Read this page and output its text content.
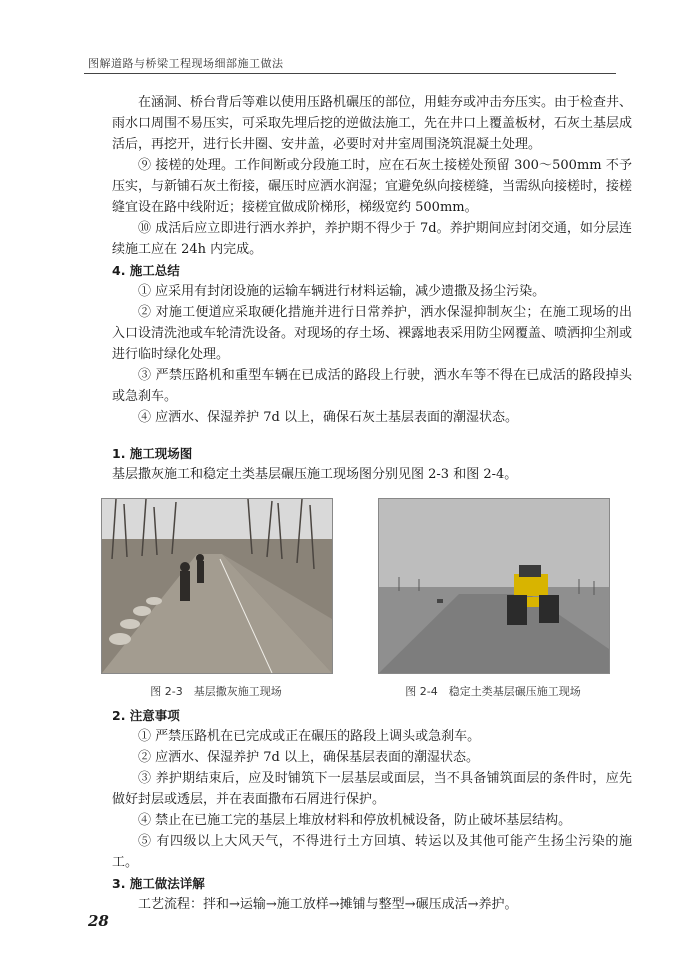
图解道路与桥梁工程现场细部施工做法

在涵洞、桥台背后等难以使用压路机碾压的部位，用蛙夯或冲击夯压实。由于检查井、雨水口周围不易压实，可采取先埋后挖的逆做法施工，先在井口上覆盖板材，石灰土基层成活后，再挖开，进行长井圈、安井盖，必要时对井室周围浇筑混凝土处理。

⑨ 接槎的处理。工作间断或分段施工时，应在石灰土接槎处预留 300～500mm 不予压实，与新铺石灰土衔接，碾压时应洒水润湿；宜避免纵向接槎缝，当需纵向接槎时，接槎缝宜设在路中线附近；接槎宜做成阶梯形，梯级宽约 500mm。

⑩ 成活后应立即进行洒水养护，养护期不得少于 7d。养护期间应封闭交通，如分层连续施工应在 24h 内完成。

4. 施工总结

① 应采用有封闭设施的运输车辆进行材料运输，减少遗撒及扬尘污染。

② 对施工便道应采取硬化措施并进行日常养护，洒水保湿抑制灰尘；在施工现场的出入口设清洗池或车轮清洗设备。对现场的存土场、裸露地表采用防尘网覆盖、喷洒抑尘剂或进行临时绿化处理。

③ 严禁压路机和重型车辆在已成活的路段上行驶，洒水车等不得在已成活的路段掉头或急刹车。

④ 应洒水、保湿养护 7d 以上，确保石灰土基层表面的潮湿状态。

1. 施工现场图

基层撒灰施工和稳定土类基层碾压施工现场图分别见图 2-3 和图 2-4。

图 2-3　基层撒灰施工现场	图 2-4　稳定土类基层碾压施工现场

2. 注意事项

① 严禁压路机在已完成或正在碾压的路段上调头或急刹车。

② 应洒水、保湿养护 7d 以上，确保基层表面的潮湿状态。

③ 养护期结束后，应及时铺筑下一层基层或面层，当不具备铺筑面层的条件时，应先做好封层或透层，并在表面撒布石屑进行保护。

④ 禁止在已施工完的基层上堆放材料和停放机械设备，防止破坏基层结构。

⑤ 有四级以上大风天气，不得进行土方回填、转运以及其他可能产生扬尘污染的施工。

3. 施工做法详解

工艺流程：拌和→运输→施工放样→摊铺与整型→碾压成活→养护。

28
